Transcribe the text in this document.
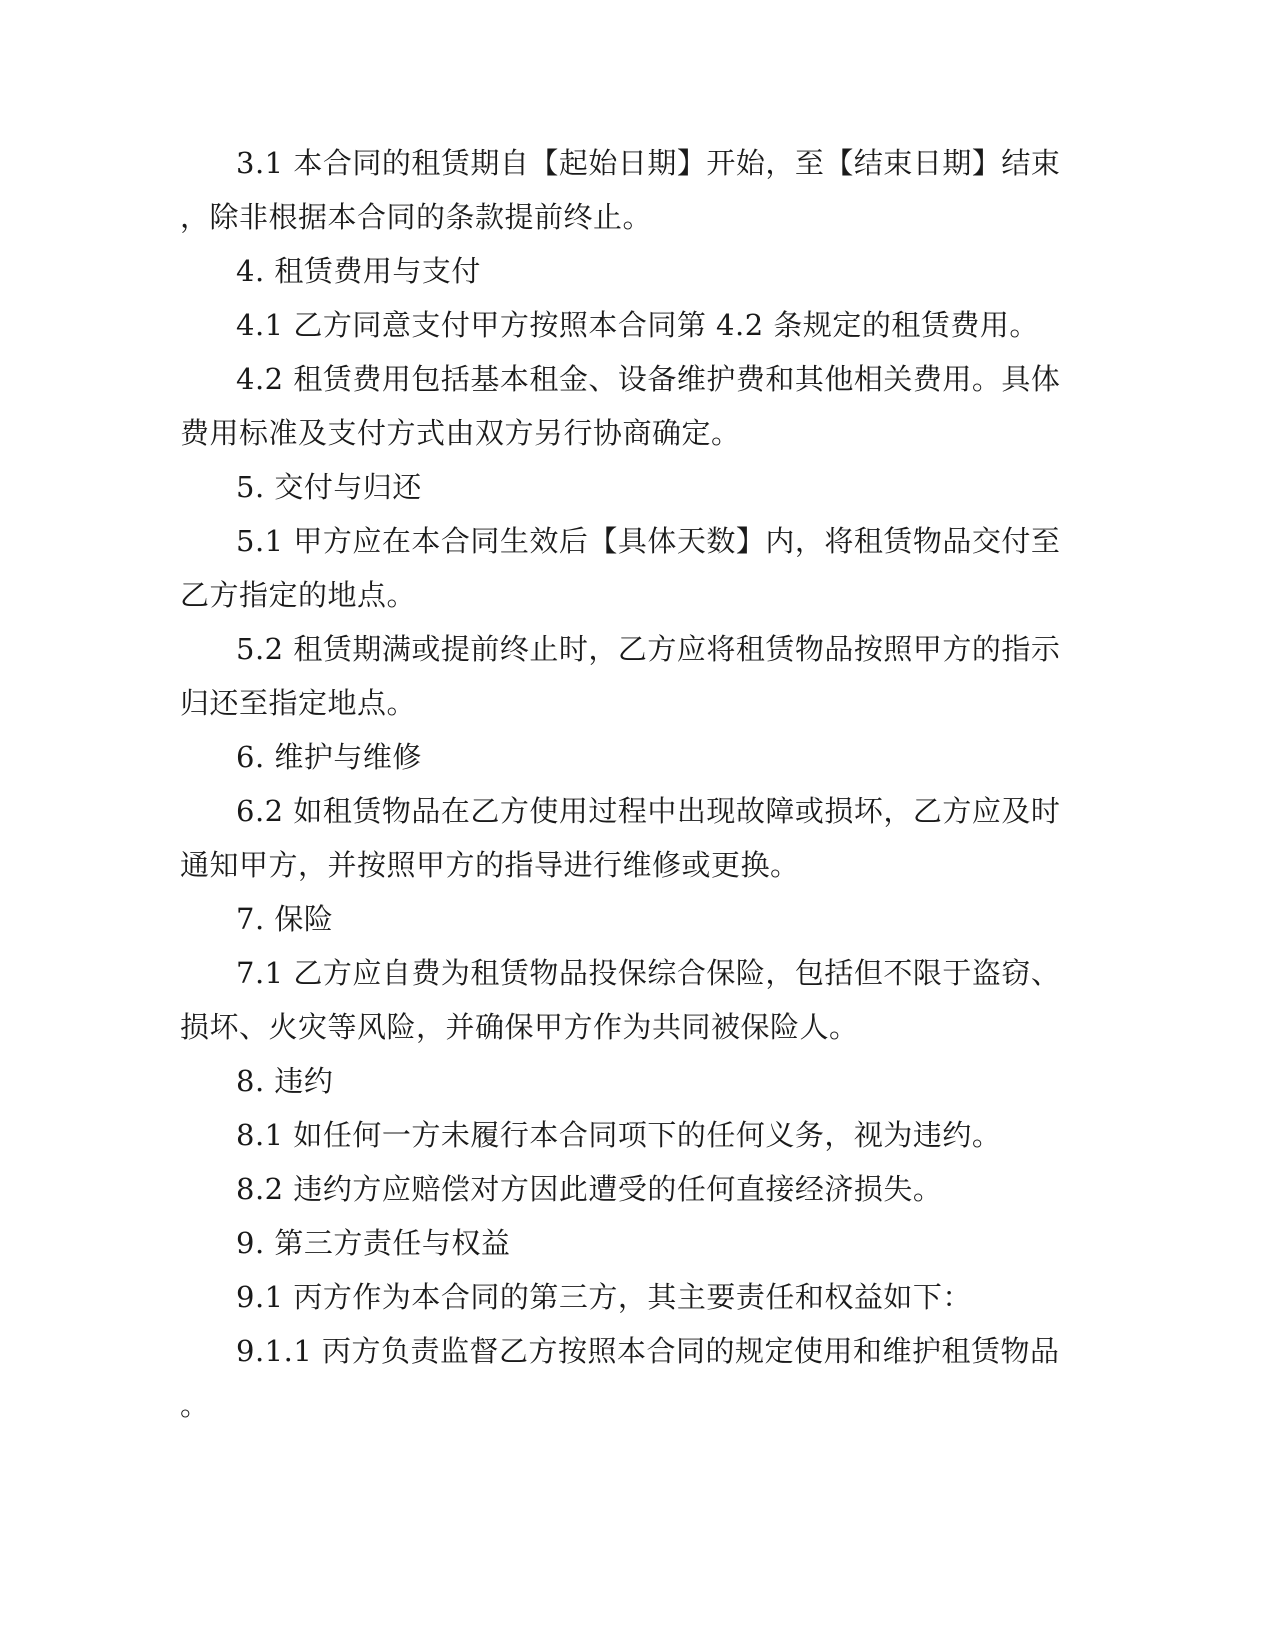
3.1 本合同的租赁期自【起始日期】开始，至【结束日期】结束
，除非根据本合同的条款提前终止。
4. 租赁费用与支付
4.1 乙方同意支付甲方按照本合同第 4.2 条规定的租赁费用。
4.2 租赁费用包括基本租金、设备维护费和其他相关费用。具体
费用标准及支付方式由双方另行协商确定。
5. 交付与归还
5.1 甲方应在本合同生效后【具体天数】内，将租赁物品交付至
乙方指定的地点。
5.2 租赁期满或提前终止时，乙方应将租赁物品按照甲方的指示
归还至指定地点。
6. 维护与维修
6.2 如租赁物品在乙方使用过程中出现故障或损坏，乙方应及时
通知甲方，并按照甲方的指导进行维修或更换。
7. 保险
7.1 乙方应自费为租赁物品投保综合保险，包括但不限于盗窃、
损坏、火灾等风险，并确保甲方作为共同被保险人。
8. 违约
8.1 如任何一方未履行本合同项下的任何义务，视为违约。
8.2 违约方应赔偿对方因此遭受的任何直接经济损失。
9. 第三方责任与权益
9.1 丙方作为本合同的第三方，其主要责任和权益如下：
9.1.1 丙方负责监督乙方按照本合同的规定使用和维护租赁物品
。
